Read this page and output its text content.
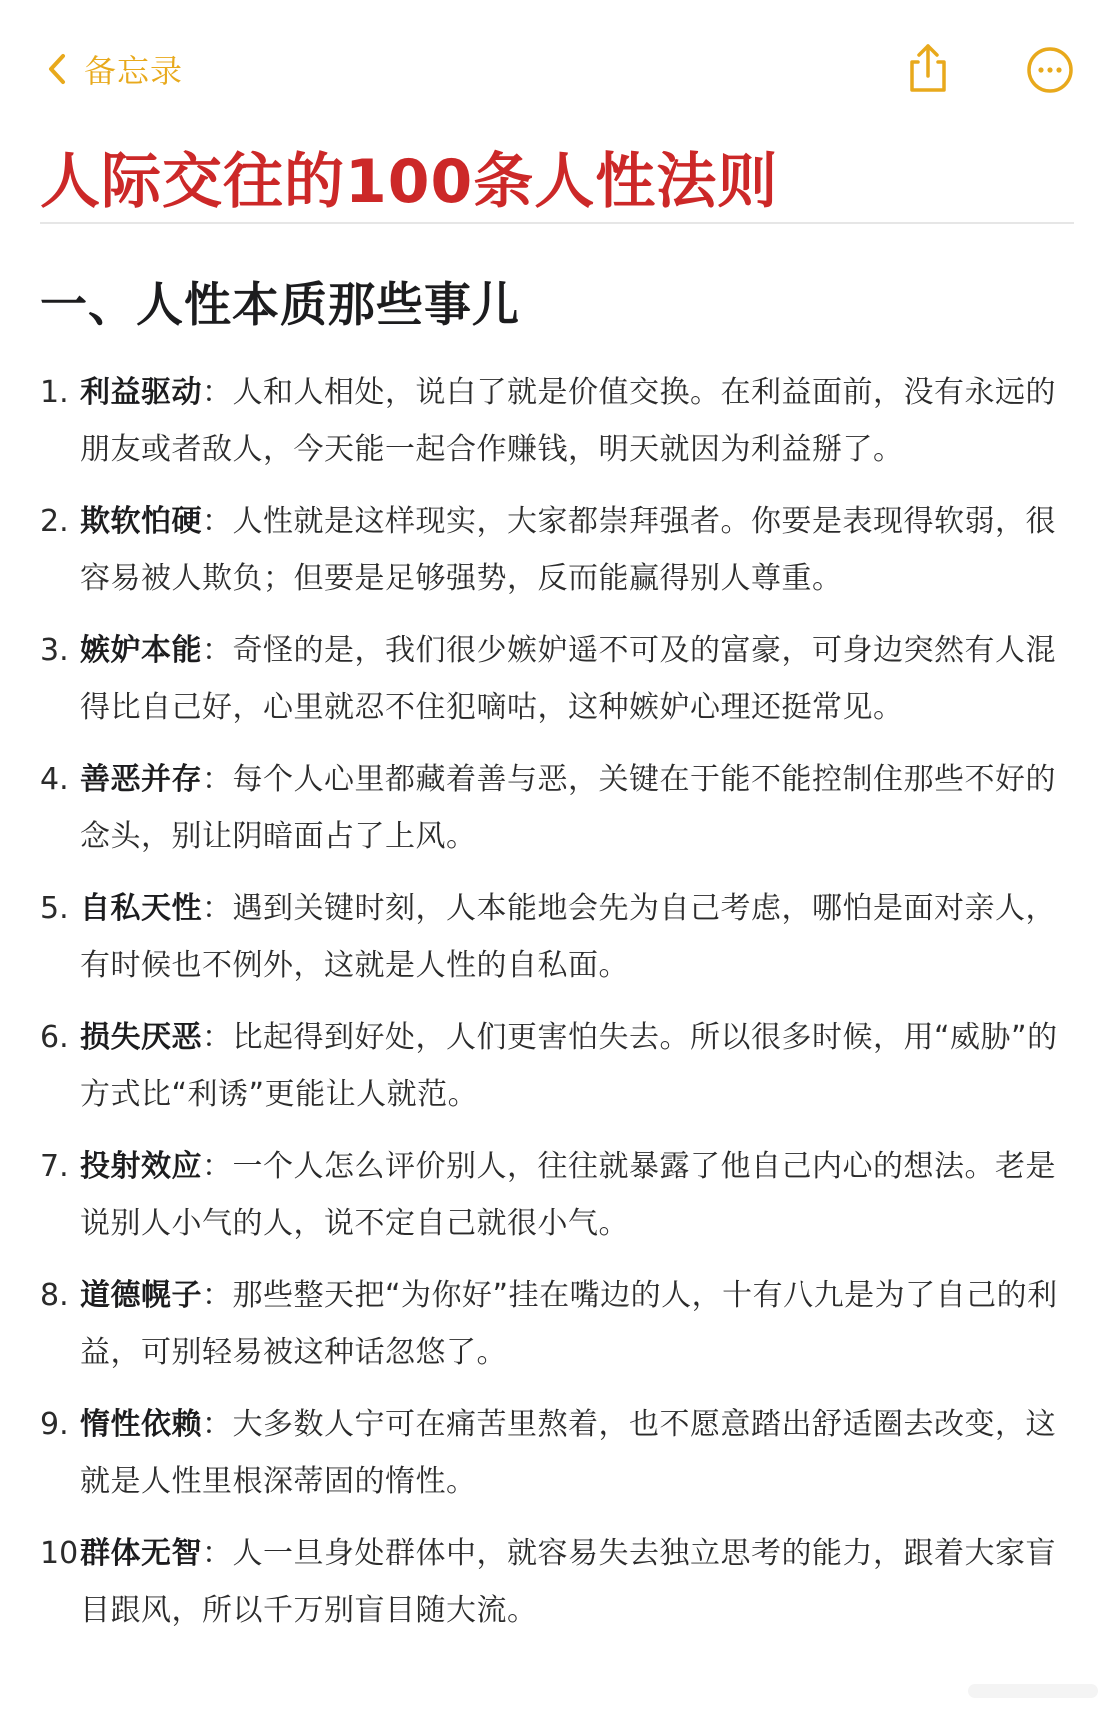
备忘录
人际交往的100条人性法则
一、人性本质那些事儿
1. 利益驱动：人和人相处，说白了就是价值交换。在利益面前，没有永远的朋友或者敌人，今天能一起合作赚钱，明天就因为利益掰了。
2. 欺软怕硬：人性就是这样现实，大家都崇拜强者。你要是表现得软弱，很容易被人欺负；但要是足够强势，反而能赢得别人尊重。
3. 嫉妒本能：奇怪的是，我们很少嫉妒遥不可及的富豪，可身边突然有人混得比自己好，心里就忍不住犯嘀咕，这种嫉妒心理还挺常见。
4. 善恶并存：每个人心里都藏着善与恶，关键在于能不能控制住那些不好的念头，别让阴暗面占了上风。
5. 自私天性：遇到关键时刻，人本能地会先为自己考虑，哪怕是面对亲人，有时候也不例外，这就是人性的自私面。
6. 损失厌恶：比起得到好处，人们更害怕失去。所以很多时候，用“威胁”的方式比“利诱”更能让人就范。
7. 投射效应：一个人怎么评价别人，往往就暴露了他自己内心的想法。老是说别人小气的人，说不定自己就很小气。
8. 道德幌子：那些整天把“为你好”挂在嘴边的人，十有八九是为了自己的利益，可别轻易被这种话忽悠了。
9. 惰性依赖：大多数人宁可在痛苦里熬着，也不愿意踏出舒适圈去改变，这就是人性里根深蒂固的惰性。
10 群体无智：人一旦身处群体中，就容易失去独立思考的能力，跟着大家盲目跟风，所以千万别盲目随大流。
